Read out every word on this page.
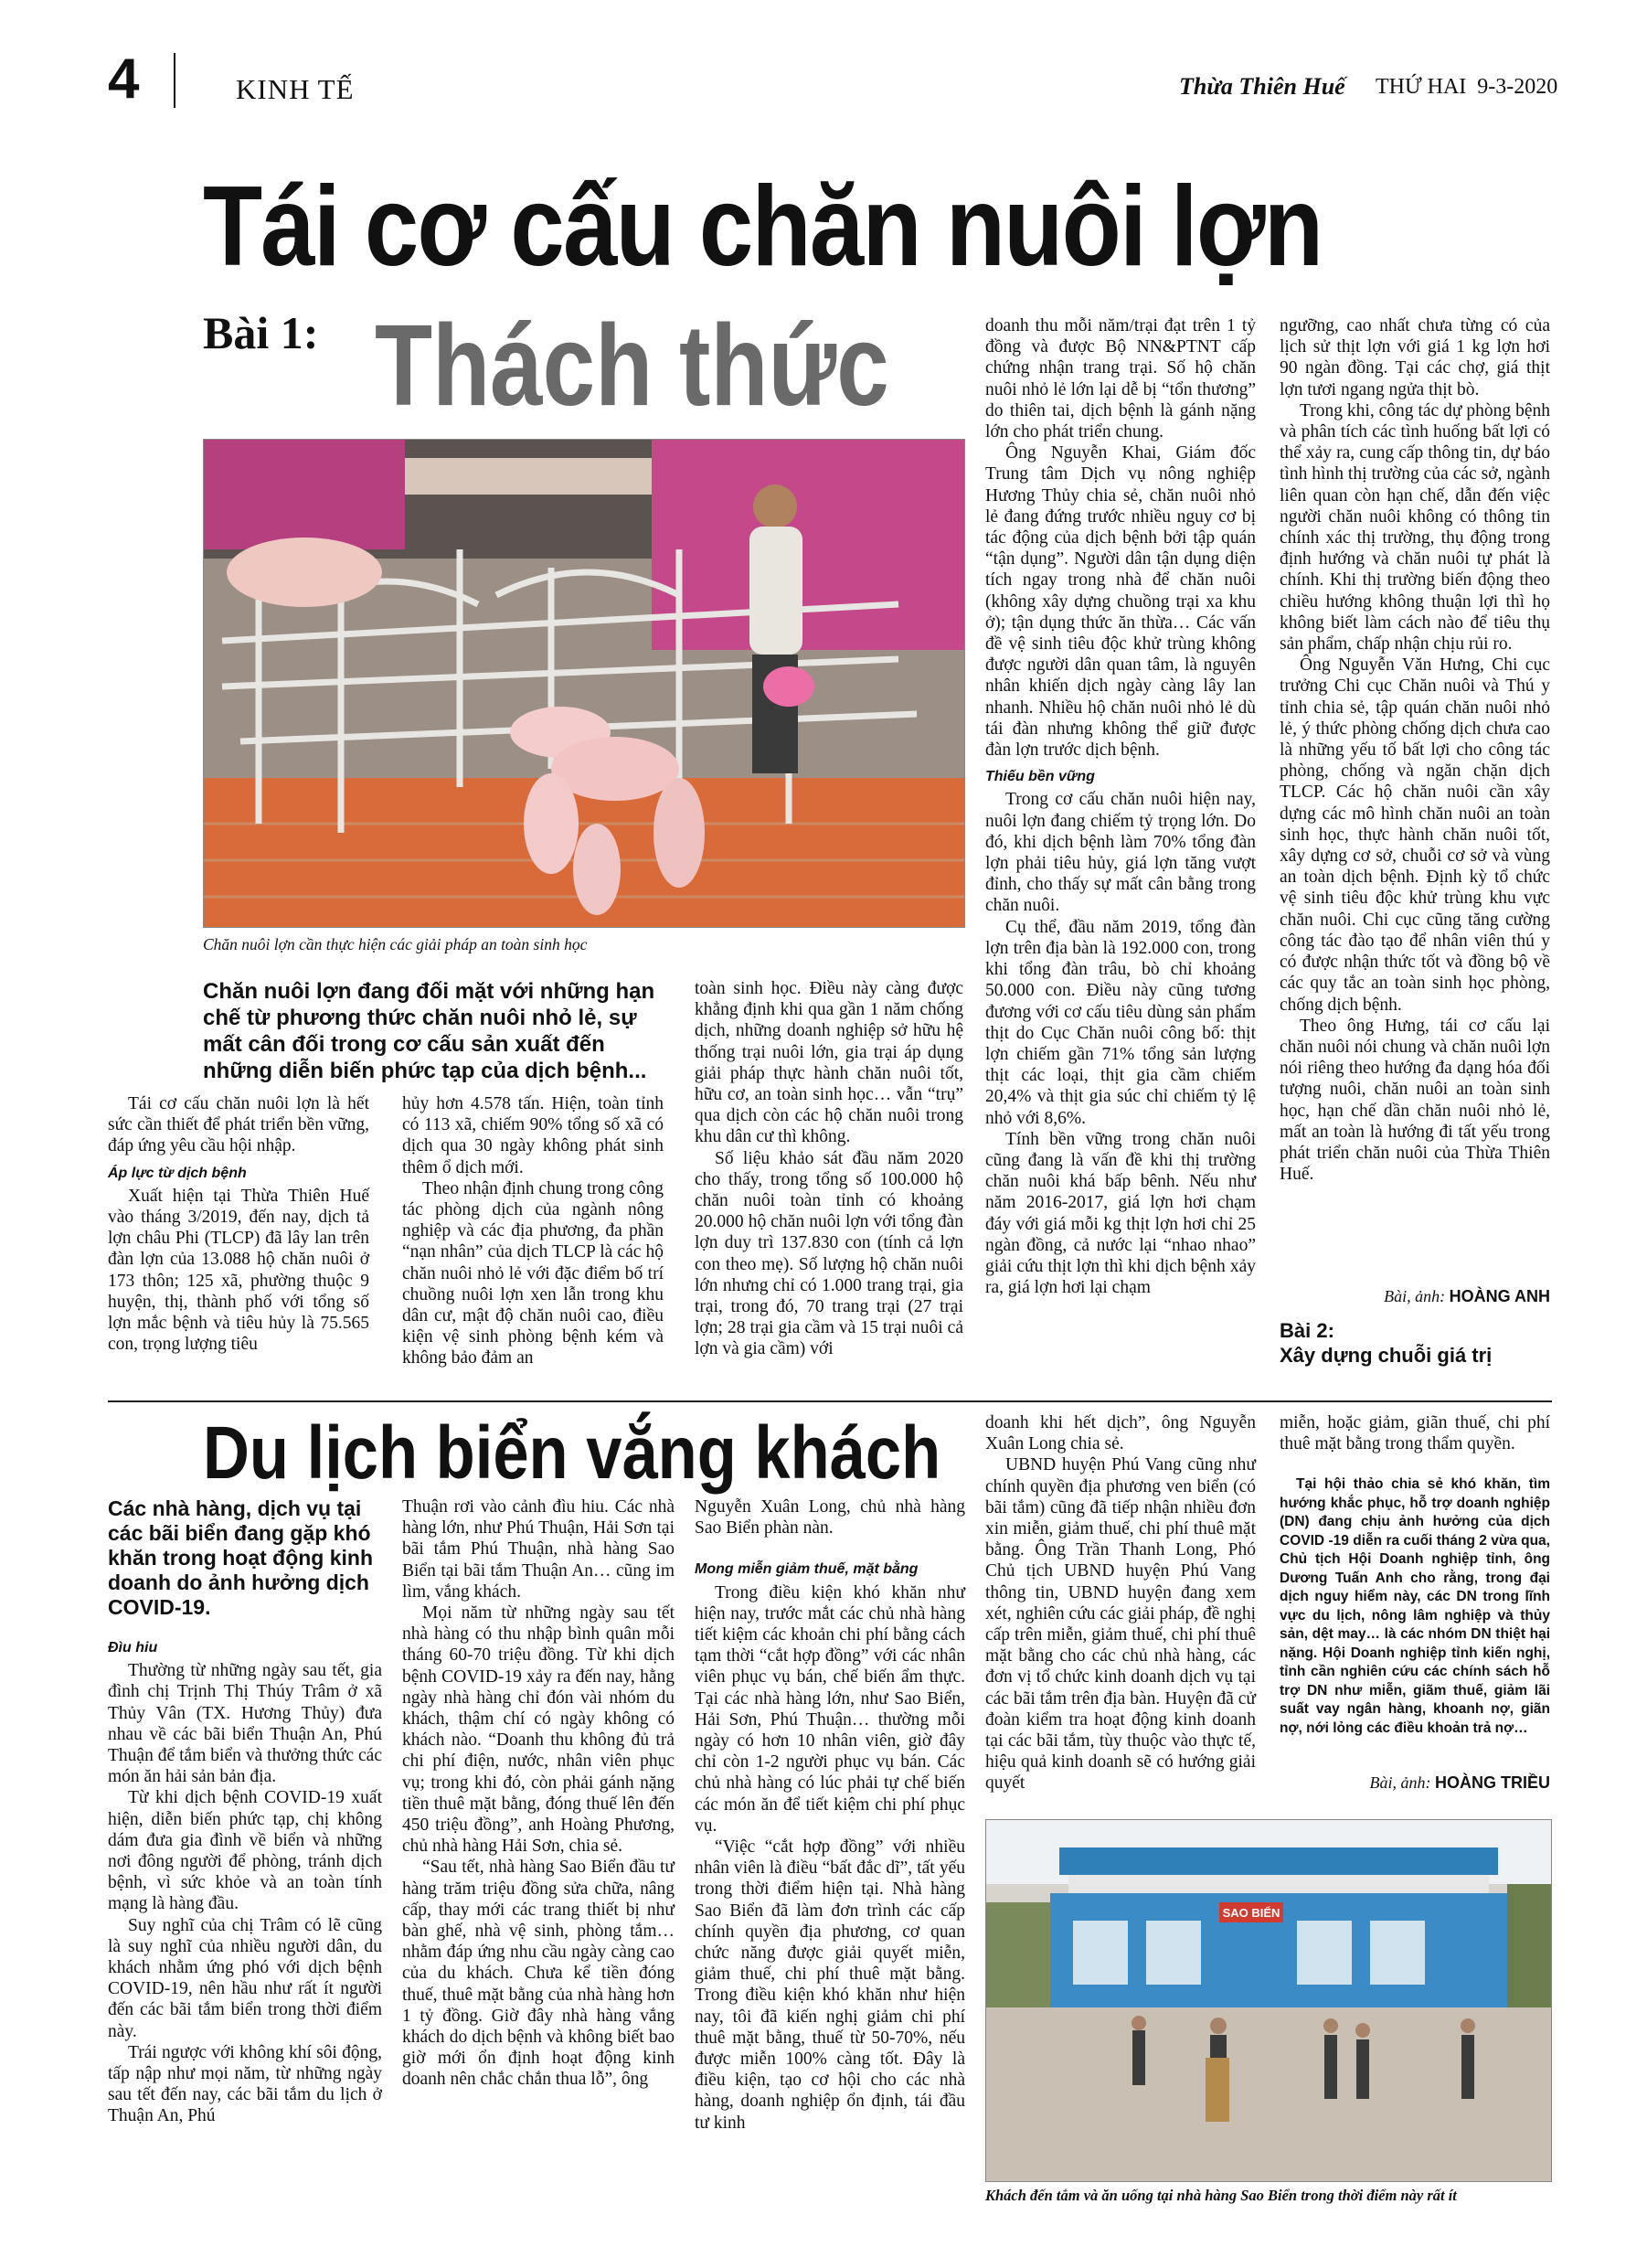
4	KINH TẾ	Thừa Thiên Huế THỨ HAI  9-3-2020
Tái cơ cấu chăn nuôi lợn
Bài 1: Thách thức
Chăn nuôi lợn cần thực hiện các giải pháp an toàn sinh học
Chăn nuôi lợn đang đối mặt với những hạn chế từ phương thức chăn nuôi nhỏ lẻ, sự mất cân đối trong cơ cấu sản xuất đến những diễn biến phức tạp của dịch bệnh...

Tái cơ cấu chăn nuôi lợn là hết sức cần thiết để phát triển bền vững, đáp ứng yêu cầu hội nhập.

Áp lực từ dịch bệnh

Xuất hiện tại Thừa Thiên Huế vào tháng 3/2019, đến nay, dịch tả lợn châu Phi (TLCP) đã lây lan trên đàn lợn của 13.088 hộ chăn nuôi ở 173 thôn; 125 xã, phường thuộc 9 huyện, thị, thành phố với tổng số lợn mắc bệnh và tiêu hủy là 75.565 con, trọng lượng tiêu

hủy hơn 4.578 tấn. Hiện, toàn tỉnh có 113 xã, chiếm 90% tổng số xã có dịch qua 30 ngày không phát sinh thêm ổ dịch mới.

Theo nhận định chung trong công tác phòng dịch của ngành nông nghiệp và các địa phương, đa phần “nạn nhân” của dịch TLCP là các hộ chăn nuôi nhỏ lẻ với đặc điểm bố trí chuồng nuôi lợn xen lẫn trong khu dân cư, mật độ chăn nuôi cao, điều kiện vệ sinh phòng bệnh kém và không bảo đảm an

toàn sinh học. Điều này càng được khẳng định khi qua gần 1 năm chống dịch, những doanh nghiệp sở hữu hệ thống trại nuôi lớn, gia trại áp dụng giải pháp thực hành chăn nuôi tốt, hữu cơ, an toàn sinh học… vẫn “trụ” qua dịch còn các hộ chăn nuôi trong khu dân cư thì không.

Số liệu khảo sát đầu năm 2020 cho thấy, trong tổng số 100.000 hộ chăn nuôi toàn tỉnh có khoảng 20.000 hộ chăn nuôi lợn với tổng đàn lợn duy trì 137.830 con (tính cả lợn con theo mẹ). Số lượng hộ chăn nuôi lớn nhưng chỉ có 1.000 trang trại, gia trại, trong đó, 70 trang trại (27 trại lợn; 28 trại gia cầm và 15 trại nuôi cả lợn và gia cầm) với

doanh thu mỗi năm/trại đạt trên 1 tỷ đồng và được Bộ NN&PTNT cấp chứng nhận trang trại. Số hộ chăn nuôi nhỏ lẻ lớn lại dễ bị “tổn thương” do thiên tai, dịch bệnh là gánh nặng lớn cho phát triển chung.

Ông Nguyễn Khai, Giám đốc Trung tâm Dịch vụ nông nghiệp Hương Thủy chia sẻ, chăn nuôi nhỏ lẻ đang đứng trước nhiều nguy cơ bị tác động của dịch bệnh bởi tập quán “tận dụng”. Người dân tận dụng diện tích ngay trong nhà để chăn nuôi (không xây dựng chuồng trại xa khu ở); tận dụng thức ăn thừa… Các vấn đề vệ sinh tiêu độc khử trùng không được người dân quan tâm, là nguyên nhân khiến dịch ngày càng lây lan nhanh. Nhiều hộ chăn nuôi nhỏ lẻ dù tái đàn nhưng không thể giữ được đàn lợn trước dịch bệnh.

Thiếu bền vững

Trong cơ cấu chăn nuôi hiện nay, nuôi lợn đang chiếm tỷ trọng lớn. Do đó, khi dịch bệnh làm 70% tổng đàn lợn phải tiêu hủy, giá lợn tăng vượt đỉnh, cho thấy sự mất cân bằng trong chăn nuôi.

Cụ thể, đầu năm 2019, tổng đàn lợn trên địa bàn là 192.000 con, trong khi tổng đàn trâu, bò chỉ khoảng 50.000 con. Điều này cũng tương đương với cơ cấu tiêu dùng sản phẩm thịt do Cục Chăn nuôi công bố: thịt lợn chiếm gần 71% tổng sản lượng thịt các loại, thịt gia cầm chiếm 20,4% và thịt gia súc chỉ chiếm tỷ lệ nhỏ với 8,6%.

Tính bền vững trong chăn nuôi cũng đang là vấn đề khi thị trường chăn nuôi khá bấp bênh. Nếu như năm 2016-2017, giá lợn hơi chạm đáy với giá mỗi kg thịt lợn hơi chỉ 25 ngàn đồng, cả nước lại “nhao nhao” giải cứu thịt lợn thì khi dịch bệnh xảy ra, giá lợn hơi lại chạm

ngưỡng, cao nhất chưa từng có của lịch sử thịt lợn với giá 1 kg lợn hơi 90 ngàn đồng. Tại các chợ, giá thịt lợn tươi ngang ngửa thịt bò.

Trong khi, công tác dự phòng bệnh và phân tích các tình huống bất lợi có thể xảy ra, cung cấp thông tin, dự báo tình hình thị trường của các sở, ngành liên quan còn hạn chế, dẫn đến việc người chăn nuôi không có thông tin chính xác thị trường, thụ động trong định hướng và chăn nuôi tự phát là chính. Khi thị trường biến động theo chiều hướng không thuận lợi thì họ không biết làm cách nào để tiêu thụ sản phẩm, chấp nhận chịu rủi ro.

Ông Nguyễn Văn Hưng, Chi cục trưởng Chi cục Chăn nuôi và Thú y tỉnh chia sẻ, tập quán chăn nuôi nhỏ lẻ, ý thức phòng chống dịch chưa cao là những yếu tố bất lợi cho công tác phòng, chống và ngăn chặn dịch TLCP. Các hộ chăn nuôi cần xây dựng các mô hình chăn nuôi an toàn sinh học, thực hành chăn nuôi tốt, xây dựng cơ sở, chuỗi cơ sở và vùng an toàn dịch bệnh. Định kỳ tổ chức vệ sinh tiêu độc khử trùng khu vực chăn nuôi. Chi cục cũng tăng cường công tác đào tạo để nhân viên thú y có được nhận thức tốt và đồng bộ về các quy tắc an toàn sinh học phòng, chống dịch bệnh.

Theo ông Hưng, tái cơ cấu lại chăn nuôi nói chung và chăn nuôi lợn nói riêng theo hướng đa dạng hóa đối tượng nuôi, chăn nuôi an toàn sinh học, hạn chế dần chăn nuôi nhỏ lẻ, mất an toàn là hướng đi tất yếu trong phát triển chăn nuôi của Thừa Thiên Huế.

Bài, ảnh: HOÀNG ANH
Bài 2:
Xây dựng chuỗi giá trị
Du lịch biển vắng khách
Các nhà hàng, dịch vụ tại các bãi biển đang gặp khó khăn trong hoạt động kinh doanh do ảnh hưởng dịch COVID-19.
Đìu hiu

Thường từ những ngày sau tết, gia đình chị Trịnh Thị Thúy Trâm ở xã Thủy Vân (TX. Hương Thủy) đưa nhau về các bãi biển Thuận An, Phú Thuận để tắm biển và thưởng thức các món ăn hải sản bản địa.

Từ khi dịch bệnh COVID-19 xuất hiện, diễn biến phức tạp, chị không dám đưa gia đình về biển và những nơi đông người để phòng, tránh dịch bệnh, vì sức khỏe và an toàn tính mạng là hàng đầu.

Suy nghĩ của chị Trâm có lẽ cũng là suy nghĩ của nhiều người dân, du khách nhằm ứng phó với dịch bệnh COVID-19, nên hầu như rất ít người đến các bãi tắm biển trong thời điểm này.

Trái ngược với không khí sôi động, tấp nập như mọi năm, từ những ngày sau tết đến nay, các bãi tắm du lịch ở Thuận An, Phú

Thuận rơi vào cảnh đìu hiu. Các nhà hàng lớn, như Phú Thuận, Hải Sơn tại bãi tắm Phú Thuận, nhà hàng Sao Biển tại bãi tắm Thuận An… cũng im lìm, vắng khách.

Mọi năm từ những ngày sau tết nhà hàng có thu nhập bình quân mỗi tháng 60-70 triệu đồng. Từ khi dịch bệnh COVID-19 xảy ra đến nay, hằng ngày nhà hàng chỉ đón vài nhóm du khách, thậm chí có ngày không có khách nào. “Doanh thu không đủ trả chi phí điện, nước, nhân viên phục vụ; trong khi đó, còn phải gánh nặng tiền thuê mặt bằng, đóng thuế lên đến 450 triệu đồng”, anh Hoàng Phương, chủ nhà hàng Hải Sơn, chia sẻ.

“Sau tết, nhà hàng Sao Biển đầu tư hàng trăm triệu đồng sửa chữa, nâng cấp, thay mới các trang thiết bị như bàn ghế, nhà vệ sinh, phòng tắm… nhằm đáp ứng nhu cầu ngày càng cao của du khách. Chưa kể tiền đóng thuế, thuê mặt bằng của nhà hàng hơn 1 tỷ đồng. Giờ đây nhà hàng vắng khách do dịch bệnh và không biết bao giờ mới ổn định hoạt động kinh doanh nên chắc chắn thua lỗ”, ông

Nguyễn Xuân Long, chủ nhà hàng Sao Biển phàn nàn.

Mong miễn giảm thuế, mặt bằng

Trong điều kiện khó khăn như hiện nay, trước mắt các chủ nhà hàng tiết kiệm các khoản chi phí bằng cách tạm thời “cắt hợp đồng” với các nhân viên phục vụ bán, chế biến ẩm thực. Tại các nhà hàng lớn, như Sao Biển, Hải Sơn, Phú Thuận… thường mỗi ngày có hơn 10 nhân viên, giờ đây chỉ còn 1-2 người phục vụ bán. Các chủ nhà hàng có lúc phải tự chế biến các món ăn để tiết kiệm chi phí phục vụ.

“Việc “cắt hợp đồng” với nhiều nhân viên là điều “bất đắc dĩ”, tất yếu trong thời điểm hiện tại. Nhà hàng Sao Biển đã làm đơn trình các cấp chính quyền địa phương, cơ quan chức năng được giải quyết miễn, giảm thuế, chi phí thuê mặt bằng. Trong điều kiện khó khăn như hiện nay, tôi đã kiến nghị giảm chi phí thuê mặt bằng, thuế từ 50-70%, nếu được miễn 100% càng tốt. Đây là điều kiện, tạo cơ hội cho các nhà hàng, doanh nghiệp ổn định, tái đầu tư kinh

doanh khi hết dịch”, ông Nguyễn Xuân Long chia sẻ.

UBND huyện Phú Vang cũng như chính quyền địa phương ven biển (có bãi tắm) cũng đã tiếp nhận nhiều đơn xin miễn, giảm thuế, chi phí thuê mặt bằng. Ông Trần Thanh Long, Phó Chủ tịch UBND huyện Phú Vang thông tin, UBND huyện đang xem xét, nghiên cứu các giải pháp, đề nghị cấp trên miễn, giảm thuế, chi phí thuê mặt bằng cho các chủ nhà hàng, các đơn vị tổ chức kinh doanh dịch vụ tại các bãi tắm trên địa bàn. Huyện đã cử đoàn kiểm tra hoạt động kinh doanh tại các bãi tắm, tùy thuộc vào thực tế, hiệu quả kinh doanh sẽ có hướng giải quyết

miễn, hoặc giảm, giãn thuế, chi phí thuê mặt bằng trong thẩm quyền.

Tại hội thảo chia sẻ khó khăn, tìm hướng khắc phục, hỗ trợ doanh nghiệp (DN) đang chịu ảnh hưởng của dịch COVID -19 diễn ra cuối tháng 2 vừa qua, Chủ tịch Hội Doanh nghiệp tỉnh, ông Dương Tuấn Anh cho rằng, trong đại dịch nguy hiểm này, các DN trong lĩnh vực du lịch, nông lâm nghiệp và thủy sản, dệt may… là các nhóm DN thiệt hại nặng. Hội Doanh nghiệp tỉnh kiến nghị, tỉnh cần nghiên cứu các chính sách hỗ trợ DN như miễn, giãm thuế, giảm lãi suất vay ngân hàng, khoanh nợ, giãn nợ, nới lỏng các điều khoản trả nợ…
Bài, ảnh: HOÀNG TRIỀU
SAO BIỂN
Khách đến tắm và ăn uống tại nhà hàng Sao Biển trong thời điểm này rất ít
